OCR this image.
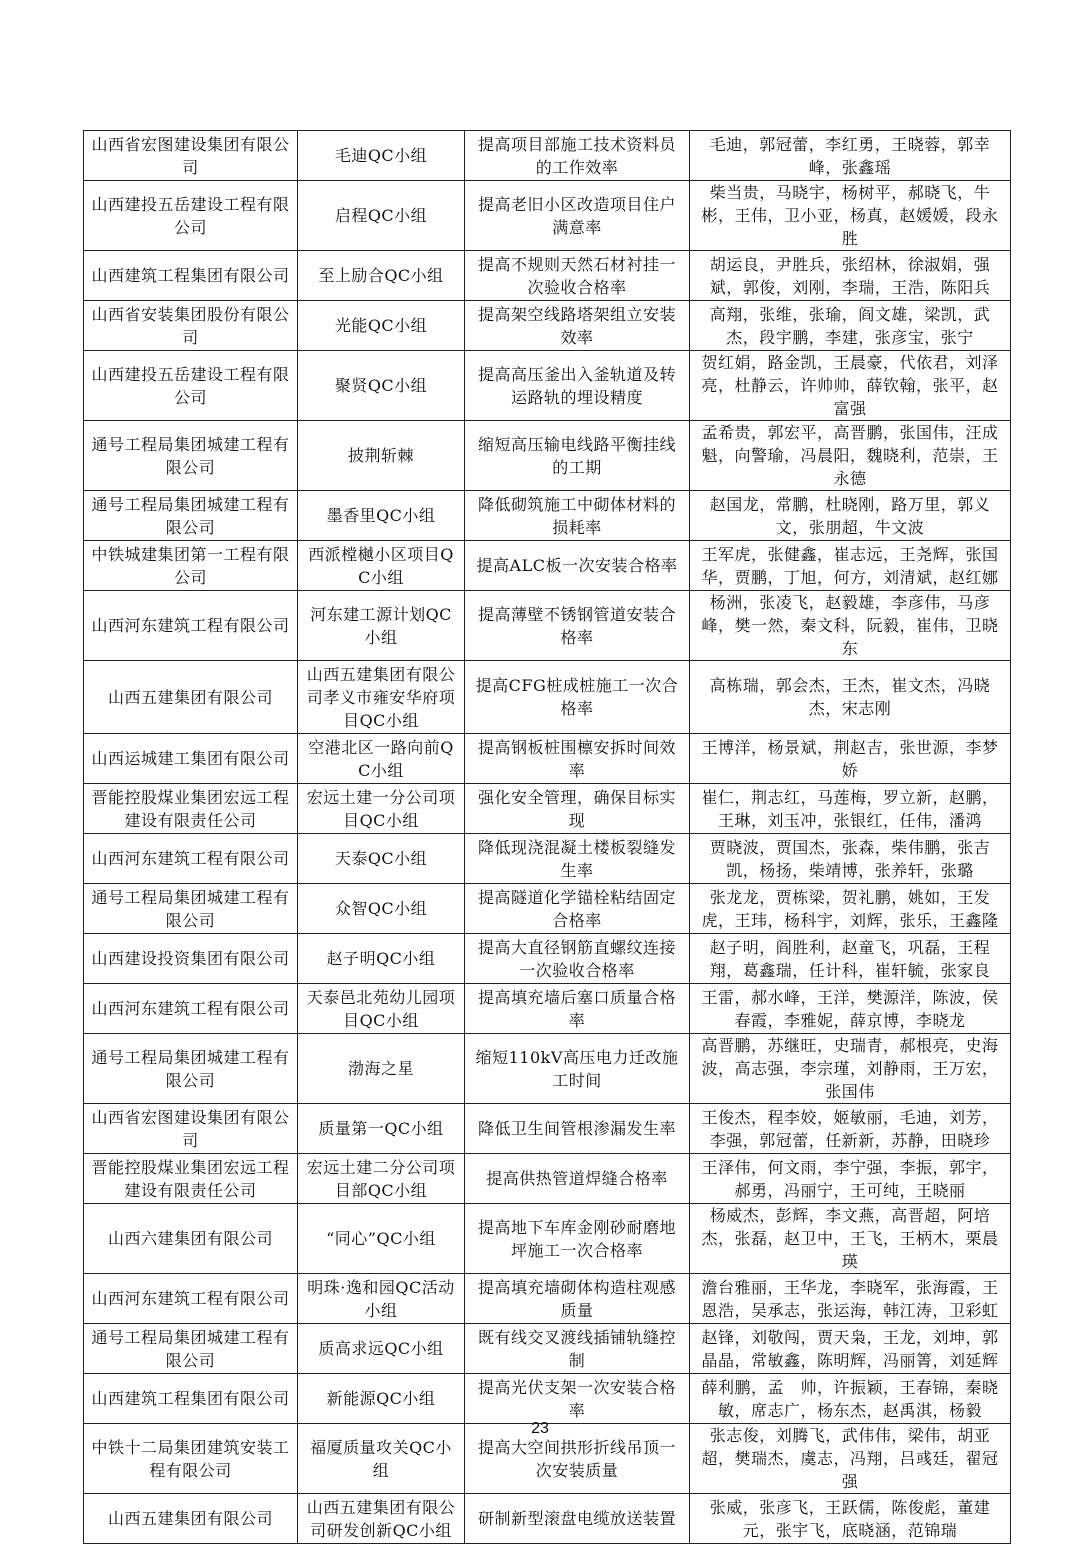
山西省宏图建设集团有限公司	毛迪QC小组	提高项目部施工技术资料员的工作效率	毛迪，郭冠蕾，李红勇，王晓蓉，郭幸峰，张鑫瑶
山西建投五岳建设工程有限公司	启程QC小组	提高老旧小区改造项目住户满意率	柴当贵，马晓宇，杨树平，郝晓飞，牛彬，王伟，卫小亚，杨真，赵媛媛，段永胜
山西建筑工程集团有限公司	至上励合QC小组	提高不规则天然石材衬挂一次验收合格率	胡运良，尹胜兵，张绍林，徐淑娟，强斌，郭俊，刘刚，李瑞，王浩，陈阳兵
山西省安装集团股份有限公司	光能QC小组	提高架空线路塔架组立安装效率	高翔，张维，张瑜，阎文雄，梁凯，武杰，段宇鹏，李建，张彦宝，张宁
山西建投五岳建设工程有限公司	聚贤QC小组	提高高压釜出入釜轨道及转运路轨的埋设精度	贺红娟，路金凯，王晨豪，代依君，刘泽亮，杜静云，许帅帅，薛钦翰，张平，赵富强
通号工程局集团城建工程有限公司	披荆斩棘	缩短高压输电线路平衡挂线的工期	孟希贵，郭宏平，高晋鹏，张国伟，汪成魁，向警瑜，冯晨阳，魏晓利，范崇，王永德
通号工程局集团城建工程有限公司	墨香里QC小组	降低砌筑施工中砌体材料的损耗率	赵国龙，常鹏，杜晓刚，路万里，郭义文，张朋超，牛文波
中铁城建集团第一工程有限公司	西派樘樾小区项目QC小组	提高ALC板一次安装合格率	王军虎，张健鑫，崔志远，王尧辉，张国华，贾鹏，丁旭，何方，刘清斌，赵红娜
山西河东建筑工程有限公司	河东建工源计划QC小组	提高薄壁不锈钢管道安装合格率	杨洲，张凌飞，赵毅雄，李彦伟，马彦峰，樊一然，秦文科，阮毅，崔伟，卫晓东
山西五建集团有限公司	山西五建集团有限公司孝义市雍安华府项目QC小组	提高CFG桩成桩施工一次合格率	高栋瑞，郭会杰，王杰，崔文杰，冯晓杰，宋志刚
山西运城建工集团有限公司	空港北区一路向前QC小组	提高钢板桩围檩安拆时间效率	王博洋，杨景斌，荆赵吉，张世源，李梦娇
晋能控股煤业集团宏远工程建设有限责任公司	宏远土建一分公司项目QC小组	强化安全管理，确保目标实现	崔仁，荆志红，马莲梅，罗立新，赵鹏，王琳，刘玉冲，张银红，任伟，潘鸿
山西河东建筑工程有限公司	天泰QC小组	降低现浇混凝土楼板裂缝发生率	贾晓波，贾国杰，张森，柴伟鹏，张吉凯，杨扬，柴靖博，张养轩，张璐
通号工程局集团城建工程有限公司	众智QC小组	提高隧道化学锚栓粘结固定合格率	张龙龙，贾栋梁，贺礼鹏，姚如，王发虎，王玮，杨科宇，刘辉，张乐，王鑫隆
山西建设投资集团有限公司	赵子明QC小组	提高大直径钢筋直螺纹连接一次验收合格率	赵子明，阎胜利，赵童飞，巩磊，王程翔，葛鑫瑞，任计科，崔轩毓，张家良
山西河东建筑工程有限公司	天泰邑北苑幼儿园项目QC小组	提高填充墙后塞口质量合格率	王雷，郝水峰，王洋，樊源洋，陈波，侯春霞，李雅妮，薛京博，李晓龙
通号工程局集团城建工程有限公司	渤海之星	缩短110kV高压电力迁改施工时间	高晋鹏，苏继旺，史瑞青，郝根亮，史海波，高志强，李宗瑾，刘静雨，王万宏，张国伟
山西省宏图建设集团有限公司	质量第一QC小组	降低卫生间管根渗漏发生率	王俊杰，程李姣，姬敏丽，毛迪，刘芳，李强，郭冠蕾，任新新，苏静，田晓珍
晋能控股煤业集团宏远工程建设有限责任公司	宏远土建二分公司项目部QC小组	提高供热管道焊缝合格率	王泽伟，何文雨，李宁强，李振，郭宇，郝勇，冯丽宁，王可纯，王晓丽
山西六建集团有限公司	“同心”QC小组	提高地下车库金刚砂耐磨地坪施工一次合格率	杨威杰，彭辉，李文燕，高晋超，阿培杰，张磊，赵卫中，王飞，王柄木，栗晨瑛
山西河东建筑工程有限公司	明珠·逸和园QC活动小组	提高填充墙砌体构造柱观感质量	澹台雅丽，王华龙，李晓军，张海霞，王恩浩，吴承志，张运海，韩江涛，卫彩虹
通号工程局集团城建工程有限公司	质高求远QC小组	既有线交叉渡线插铺轨缝控制	赵锋，刘敬闯，贾天枭，王龙，刘坤，郭晶晶，常敏鑫，陈明辉，冯丽箐，刘延辉
山西建筑工程集团有限公司	新能源QC小组	提高光伏支架一次安装合格率	薛利鹏，孟　帅，许振颖，王春锦，秦晓敏，席志广，杨东杰，赵禹淇，杨毅
中铁十二局集团建筑安装工程有限公司	福厦质量攻关QC小组	提高大空间拱形折线吊顶一次安装质量	张志俊，刘腾飞，武伟伟，梁伟，胡亚超，樊瑞杰，虞志，冯翔，吕彧廷，翟冠强
山西五建集团有限公司	山西五建集团有限公司研发创新QC小组	研制新型滚盘电缆放送装置	张威，张彦飞，王跃儒，陈俊彪，董建元，张宇飞，底晓涵，范锦瑞
23
